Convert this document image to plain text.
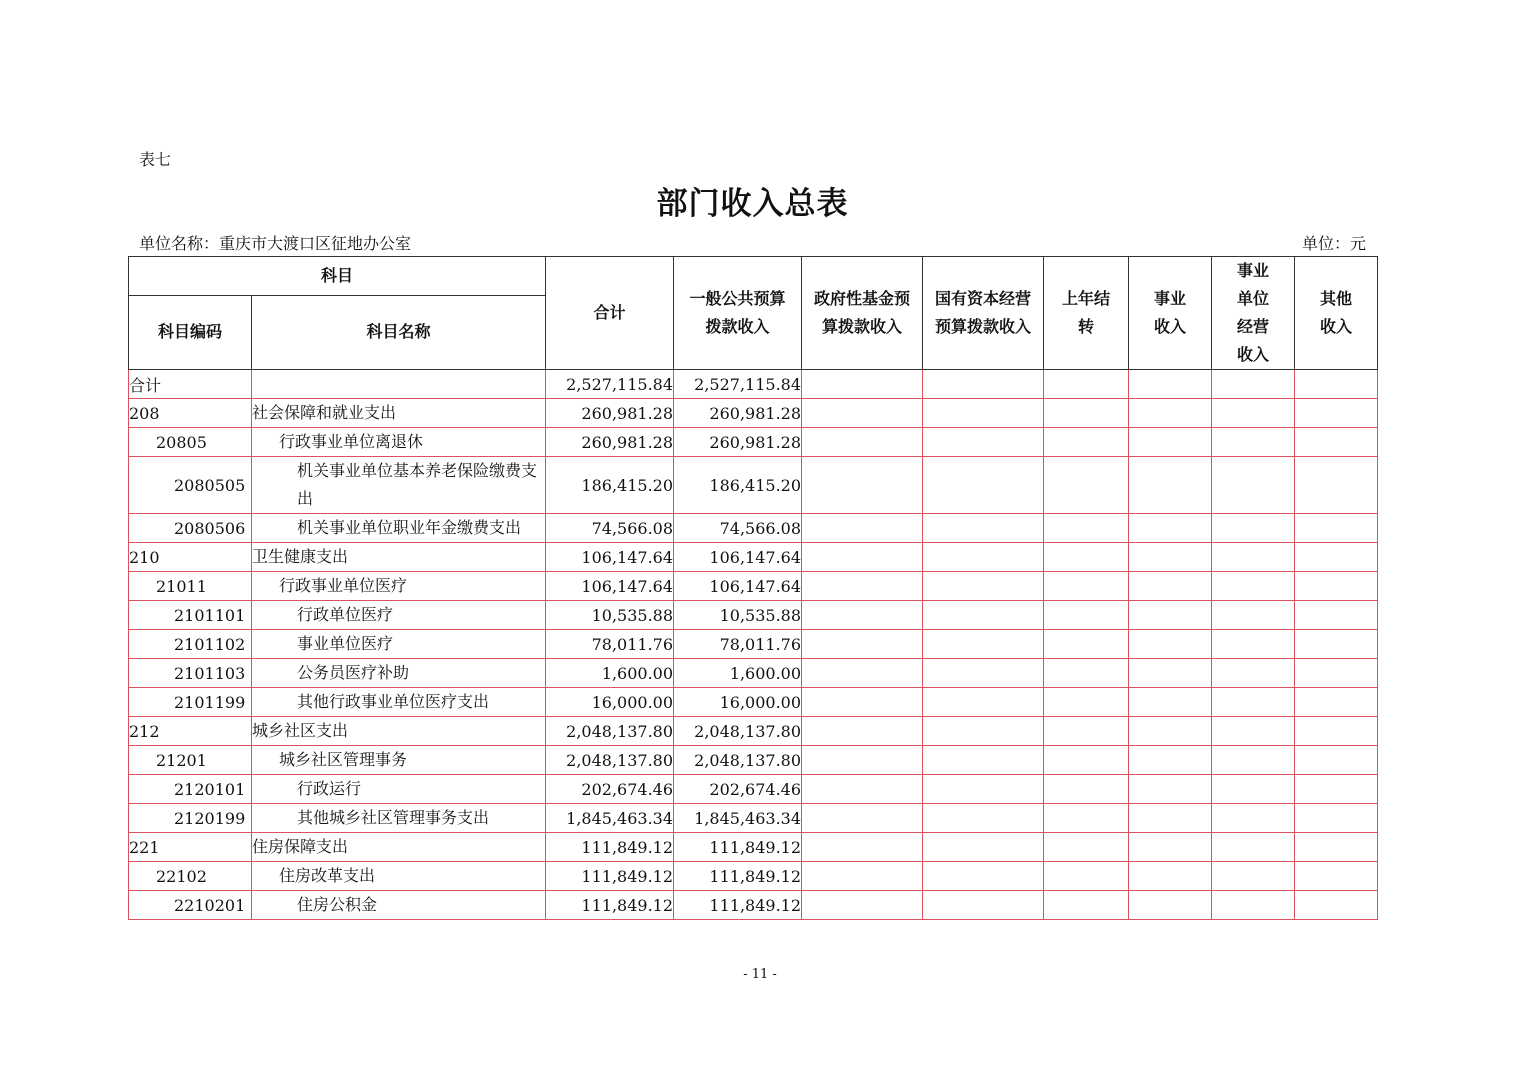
表七
部门收入总表
单位名称：重庆市大渡口区征地办公室	单位：元
科目		合计	一般公共预算拨款收入	政府性基金预算拨款收入	国有资本经营预算拨款收入	上年结转	事业收入	事业单位经营收入	其他收入
科目编码	科目名称								
合计		2,527,115.84	2,527,115.84						
208	社会保障和就业支出	260,981.28	260,981.28						
20805	行政事业单位离退休	260,981.28	260,981.28						
2080505	机关事业单位基本养老保险缴费支出	186,415.20	186,415.20						
2080506	机关事业单位职业年金缴费支出	74,566.08	74,566.08						
210	卫生健康支出	106,147.64	106,147.64						
21011	行政事业单位医疗	106,147.64	106,147.64						
2101101	行政单位医疗	10,535.88	10,535.88						
2101102	事业单位医疗	78,011.76	78,011.76						
2101103	公务员医疗补助	1,600.00	1,600.00						
2101199	其他行政事业单位医疗支出	16,000.00	16,000.00						
212	城乡社区支出	2,048,137.80	2,048,137.80						
21201	城乡社区管理事务	2,048,137.80	2,048,137.80						
2120101	行政运行	202,674.46	202,674.46						
2120199	其他城乡社区管理事务支出	1,845,463.34	1,845,463.34						
221	住房保障支出	111,849.12	111,849.12						
22102	住房改革支出	111,849.12	111,849.12						
2210201	住房公积金	111,849.12	111,849.12						
- 11 -
